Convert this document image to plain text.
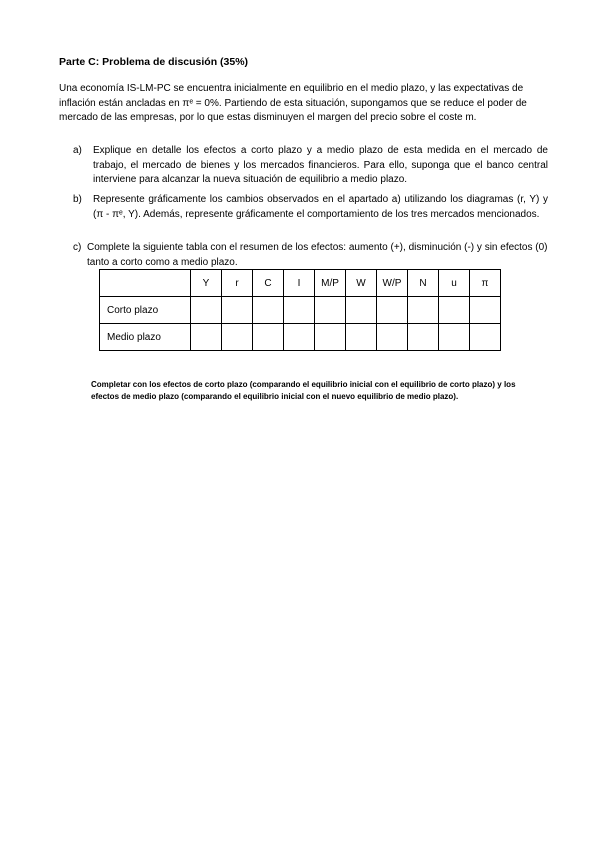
Parte C: Problema de discusión (35%)
Una economía IS-LM-PC se encuentra inicialmente en equilibrio en el medio plazo, y las expectativas de inflación están ancladas en πᵉ = 0%. Partiendo de esta situación, supongamos que se reduce el poder de mercado de las empresas, por lo que estas disminuyen el margen del precio sobre el coste m.
a)	Explique en detalle los efectos a corto plazo y a medio plazo de esta medida en el mercado de trabajo, el mercado de bienes y los mercados financieros. Para ello, suponga que el banco central interviene para alcanzar la nueva situación de equilibrio a medio plazo.
b)	Represente gráficamente los cambios observados en el apartado a) utilizando los diagramas (r, Y) y (π - πᵉ, Y). Además, represente gráficamente el comportamiento de los tres mercados mencionados.
c) Complete la siguiente tabla con el resumen de los efectos: aumento (+), disminución (-) y sin efectos (0) tanto a corto como a medio plazo.
	Y	r	C	I	M/P	W	W/P	N	u	π
Corto plazo										
Medio plazo										
Completar con los efectos de corto plazo (comparando el equilibrio inicial con el equilibrio de corto plazo) y los efectos de medio plazo (comparando el equilibrio inicial con el nuevo equilibrio de medio plazo).
